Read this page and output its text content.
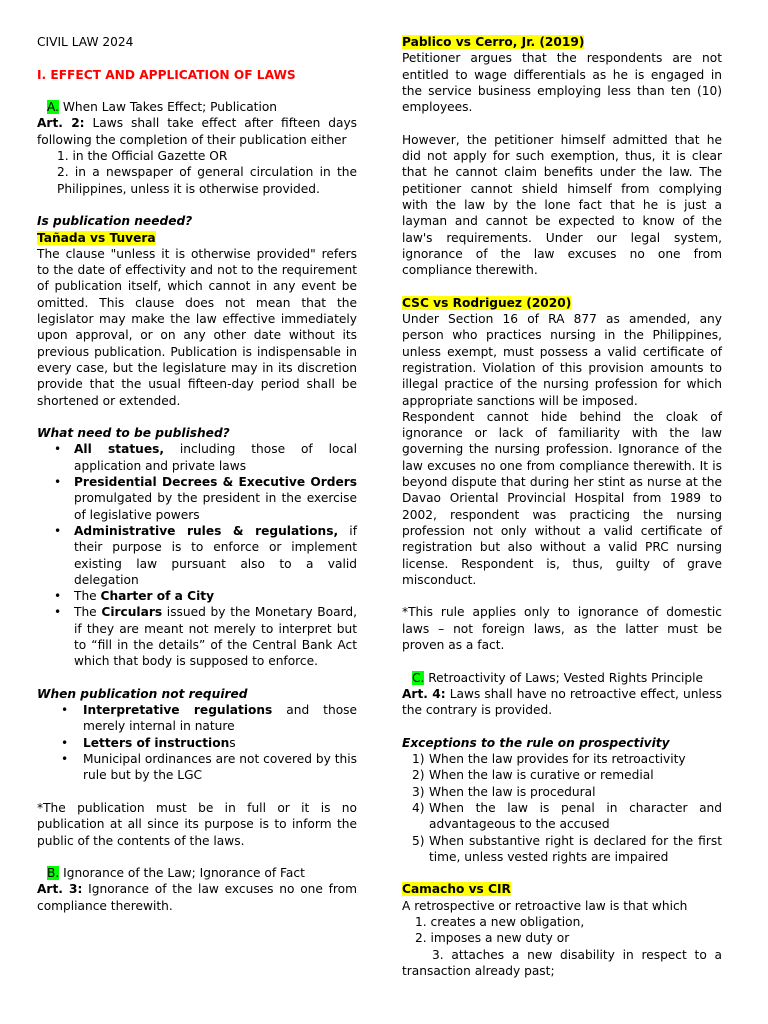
CIVIL LAW 2024

I. EFFECT AND APPLICATION OF LAWS

A. When Law Takes Effect; Publication

Art. 2: Laws shall take effect after fifteen days following the completion of their publication either

1. in the Official Gazette OR
2. in a newspaper of general circulation in the Philippines, unless it is otherwise provided.

Is publication needed?

Tañada vs Tuvera

The clause "unless it is otherwise provided" refers to the date of effectivity and not to the requirement of publication itself, which cannot in any event be omitted. This clause does not mean that the legislator may make the law effective immediately upon approval, or on any other date without its previous publication. Publication is indispensable in every case, but the legislature may in its discretion provide that the usual fifteen-day period shall be shortened or extended.

What need to be published?

• All statues, including those of local application and private laws
• Presidential Decrees & Executive Orders promulgated by the president in the exercise of legislative powers
• Administrative rules & regulations, if their purpose is to enforce or implement existing law pursuant also to a valid delegation
• The Charter of a City
• The Circulars issued by the Monetary Board, if they are meant not merely to interpret but to “fill in the details” of the Central Bank Act which that body is supposed to enforce.

When publication not required

• Interpretative regulations and those merely internal in nature
• Letters of instructions
• Municipal ordinances are not covered by this rule but by the LGC

*The publication must be in full or it is no publication at all since its purpose is to inform the public of the contents of the laws.

B. Ignorance of the Law; Ignorance of Fact

Art. 3: Ignorance of the law excuses no one from compliance therewith.

Pablico vs Cerro, Jr. (2019)

Petitioner argues that the respondents are not entitled to wage differentials as he is engaged in the service business employing less than ten (10) employees.

However, the petitioner himself admitted that he did not apply for such exemption, thus, it is clear that he cannot claim benefits under the law. The petitioner cannot shield himself from complying with the law by the lone fact that he is just a layman and cannot be expected to know of the law's requirements. Under our legal system, ignorance of the law excuses no one from compliance therewith.

CSC vs Rodriguez (2020)

Under Section 16 of RA 877 as amended, any person who practices nursing in the Philippines, unless exempt, must possess a valid certificate of registration. Violation of this provision amounts to illegal practice of the nursing profession for which appropriate sanctions will be imposed.

Respondent cannot hide behind the cloak of ignorance or lack of familiarity with the law governing the nursing profession. Ignorance of the law excuses no one from compliance therewith. It is beyond dispute that during her stint as nurse at the Davao Oriental Provincial Hospital from 1989 to 2002, respondent was practicing the nursing profession not only without a valid certificate of registration but also without a valid PRC nursing license. Respondent is, thus, guilty of grave misconduct.

*This rule applies only to ignorance of domestic laws – not foreign laws, as the latter must be proven as a fact.

C. Retroactivity of Laws; Vested Rights Principle

Art. 4: Laws shall have no retroactive effect, unless the contrary is provided.

Exceptions to the rule on prospectivity

1) When the law provides for its retroactivity
2) When the law is curative or remedial
3) When the law is procedural
4) When the law is penal in character and advantageous to the accused
5) When substantive right is declared for the first time, unless vested rights are impaired

Camacho vs CIR

A retrospective or retroactive law is that which

1. creates a new obligation,
2. imposes a new duty or

3. attaches a new disability in respect to a transaction already past;
